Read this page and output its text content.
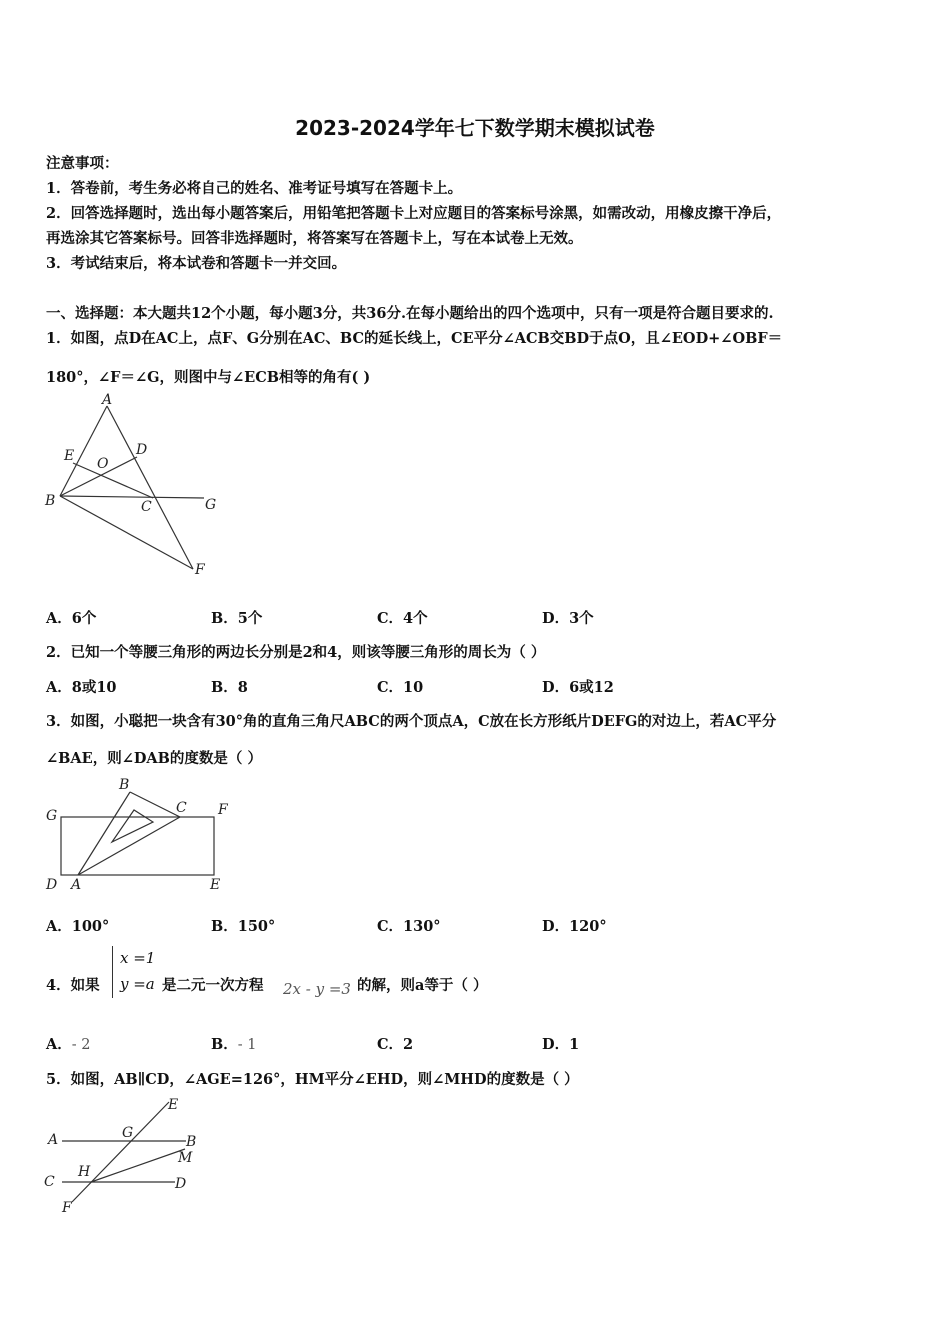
2023-2024学年七下数学期末模拟试卷
注意事项：
1．答卷前，考生务必将自己的姓名、准考证号填写在答题卡上。
2．回答选择题时，选出每小题答案后，用铅笔把答题卡上对应题目的答案标号涂黑，如需改动，用橡皮擦干净后，
再选涂其它答案标号。回答非选择题时，将答案写在答题卡上，写在本试卷上无效。
3．考试结束后，将本试卷和答题卡一并交回。
一、选择题：本大题共12个小题，每小题3分，共36分.在每小题给出的四个选项中，只有一项是符合题目要求的.
1．如图，点D在AC上，点F、G分别在AC、BC的延长线上，CE平分∠ACB交BD于点O，且∠EOD+∠OBF＝
180°，∠F＝∠G，则图中与∠ECB相等的角有( )
A
E O
D
B	C	G
F
A．6个	B．5个	C．4个	D．3个
2．已知一个等腰三角形的两边长分别是2和4，则该等腰三角形的周长为（ ）
A．8或10	B．8	C．10	D．6或12
3．如图，小聪把一块含有30°角的直角三角尺ABC的两个顶点A，C放在长方形纸片DEFG的对边上，若AC平分
∠BAE，则∠DAB的度数是（ ）
B
G	C F
D A	E
A．100°	B．150°	C．130°	D．120°
4．如果
x =1
y =a 是二元一次方程 2x - y =3 的解，则a等于（ ）
A．- 2	B．- 1	C．2	D．1
5．如图，AB∥CD，∠AGE=126°，HM平分∠EHD，则∠MHD的度数是（ ）
E
A	G
B
M
H
C	D
F
